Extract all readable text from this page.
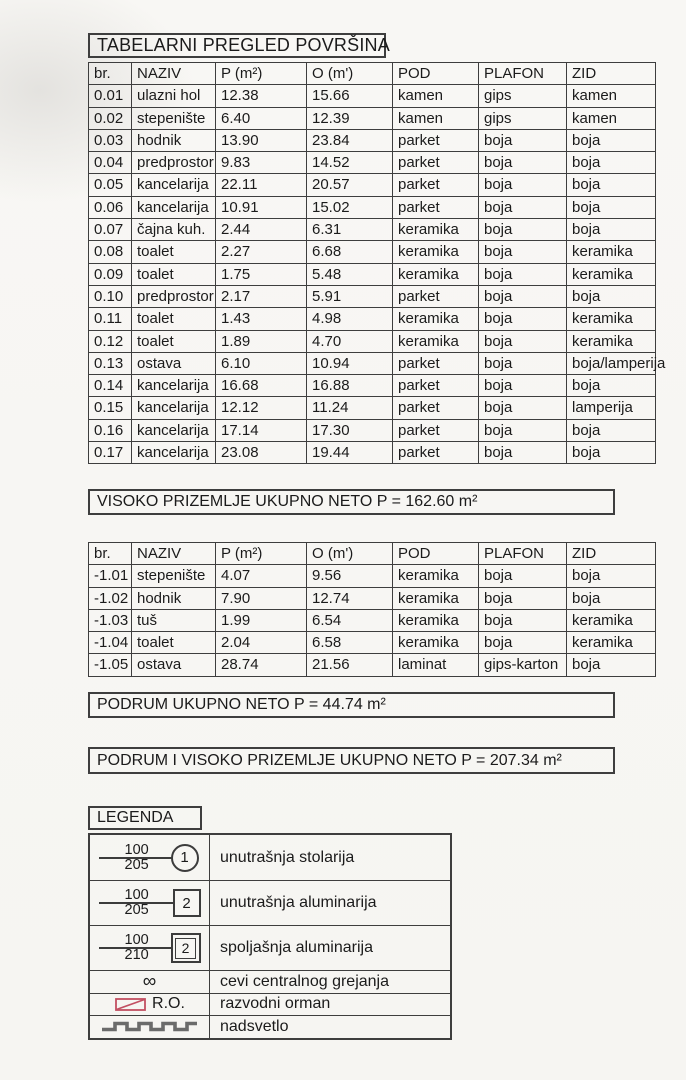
TABELARNI PREGLED POVRŠINA
br.	NAZIV	P (m²)	O (m')	POD	PLAFON	ZID
0.01	ulazni hol	12.38	15.66	kamen	gips	kamen
0.02	stepenište	6.40	12.39	kamen	gips	kamen
0.03	hodnik	13.90	23.84	parket	boja	boja
0.04	predprostor	9.83	14.52	parket	boja	boja
0.05	kancelarija	22.11	20.57	parket	boja	boja
0.06	kancelarija	10.91	15.02	parket	boja	boja
0.07	čajna kuh.	2.44	6.31	keramika	boja	boja
0.08	toalet	2.27	6.68	keramika	boja	keramika
0.09	toalet	1.75	5.48	keramika	boja	keramika
0.10	predprostor	2.17	5.91	parket	boja	boja
0.11	toalet	1.43	4.98	keramika	boja	keramika
0.12	toalet	1.89	4.70	keramika	boja	keramika
0.13	ostava	6.10	10.94	parket	boja	boja/lamperija
0.14	kancelarija	16.68	16.88	parket	boja	boja
0.15	kancelarija	12.12	11.24	parket	boja	lamperija
0.16	kancelarija	17.14	17.30	parket	boja	boja
0.17	kancelarija	23.08	19.44	parket	boja	boja
VISOKO PRIZEMLJE UKUPNO NETO P = 162.60 m²
br.	NAZIV	P (m²)	O (m')	POD	PLAFON	ZID
-1.01	stepenište	4.07	9.56	keramika	boja	boja
-1.02	hodnik	7.90	12.74	keramika	boja	boja
-1.03	tuš	1.99	6.54	keramika	boja	keramika
-1.04	toalet	2.04	6.58	keramika	boja	keramika
-1.05	ostava	28.74	21.56	laminat	gips-karton	boja
PODRUM UKUPNO NETO P = 44.74 m²
PODRUM I VISOKO PRIZEMLJE UKUPNO NETO P = 207.34 m²
LEGENDA
100
205	1	unutrašnja stolarija
100
205	2	unutrašnja aluminarija
100
210	2	spoljašnja aluminarija
∞	cevi centralnog grejanja
R.O.	razvodni orman
nadsvetlo
